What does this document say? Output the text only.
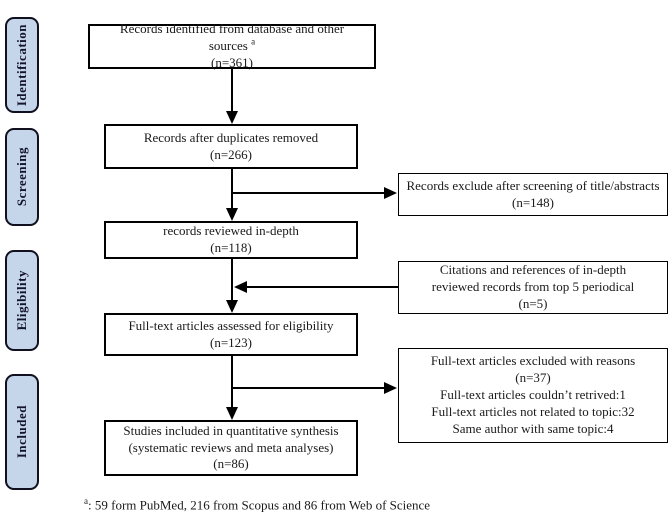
Identification
Screening
Eligibility
Included
Records identified from database and other sources $^a$
(n=361)
Records after duplicates removed
(n=266)
records reviewed in-depth
(n=118)
Full-text articles assessed for eligibility
(n=123)
Studies included in quantitative synthesis
(systematic reviews and meta analyses)
(n=86)
Records exclude after screening of title/abstracts
(n=148)
Citations and references of in-depth
reviewed records from top 5 periodical
(n=5)
Full-text articles excluded with reasons
(n=37)
Full-text articles couldn’t retrived:1
Full-text articles not related to topic:32
Same author with same topic:4
$^a$: 59 form PubMed, 216 from Scopus and 86 from Web of Science
